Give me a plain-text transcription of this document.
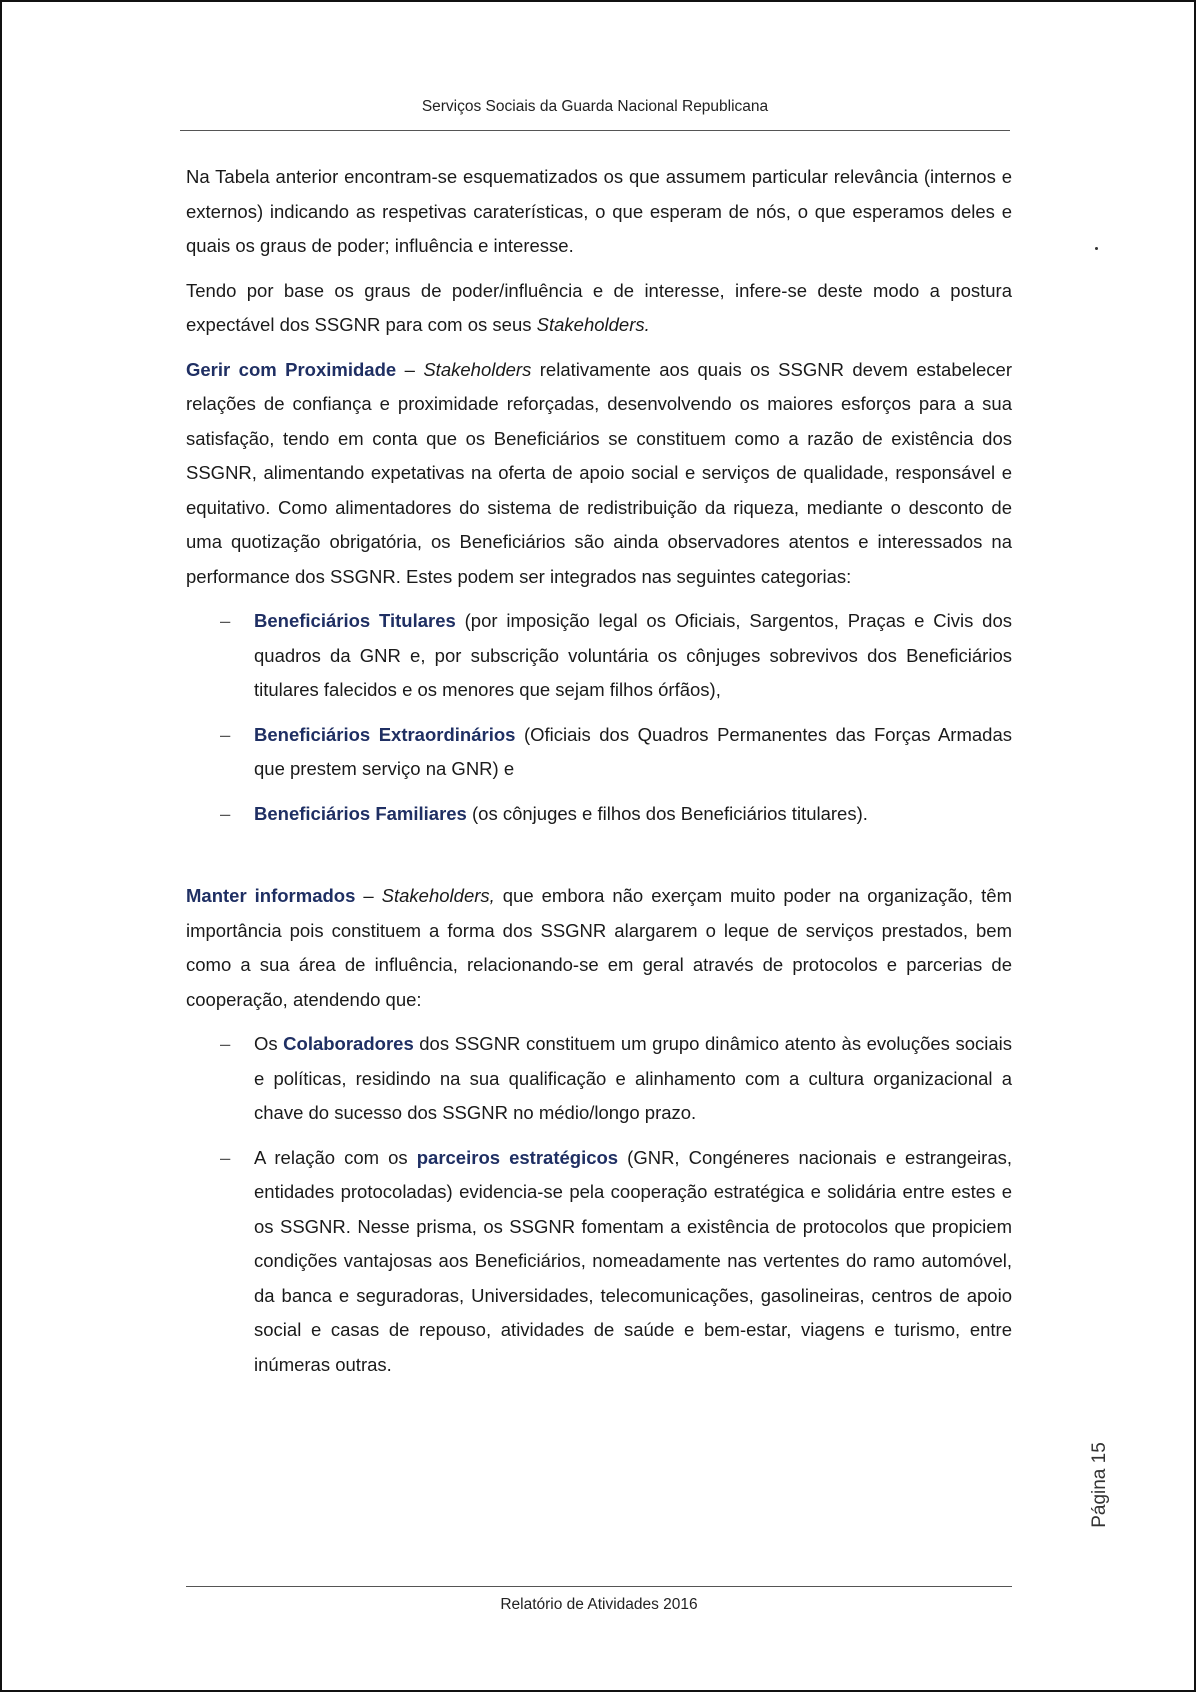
Serviços Sociais da Guarda Nacional Republicana

Na Tabela anterior encontram-se esquematizados os que assumem particular relevância (internos e externos) indicando as respetivas caraterísticas, o que esperam de nós, o que esperamos deles e quais os graus de poder; influência e interesse.

Tendo por base os graus de poder/influência e de interesse, infere-se deste modo a postura expectável dos SSGNR para com os seus Stakeholders.

Gerir com Proximidade – Stakeholders relativamente aos quais os SSGNR devem estabelecer relações de confiança e proximidade reforçadas, desenvolvendo os maiores esforços para a sua satisfação, tendo em conta que os Beneficiários se constituem como a razão de existência dos SSGNR, alimentando expetativas na oferta de apoio social e serviços de qualidade, responsável e equitativo. Como alimentadores do sistema de redistribuição da riqueza, mediante o desconto de uma quotização obrigatória, os Beneficiários são ainda observadores atentos e interessados na performance dos SSGNR. Estes podem ser integrados nas seguintes categorias:

– Beneficiários Titulares (por imposição legal os Oficiais, Sargentos, Praças e Civis dos quadros da GNR e, por subscrição voluntária os cônjuges sobrevivos dos Beneficiários titulares falecidos e os menores que sejam filhos órfãos),
– Beneficiários Extraordinários (Oficiais dos Quadros Permanentes das Forças Armadas que prestem serviço na GNR) e
– Beneficiários Familiares (os cônjuges e filhos dos Beneficiários titulares).

Manter informados – Stakeholders, que embora não exerçam muito poder na organização, têm importância pois constituem a forma dos SSGNR alargarem o leque de serviços prestados, bem como a sua área de influência, relacionando-se em geral através de protocolos e parcerias de cooperação, atendendo que:

– Os Colaboradores dos SSGNR constituem um grupo dinâmico atento às evoluções sociais e políticas, residindo na sua qualificação e alinhamento com a cultura organizacional a chave do sucesso dos SSGNR no médio/longo prazo.
– A relação com os parceiros estratégicos (GNR, Congéneres nacionais e estrangeiras, entidades protocoladas) evidencia-se pela cooperação estratégica e solidária entre estes e os SSGNR. Nesse prisma, os SSGNR fomentam a existência de protocolos que propiciem condições vantajosas aos Beneficiários, nomeadamente nas vertentes do ramo automóvel, da banca e seguradoras, Universidades, telecomunicações, gasolineiras, centros de apoio social e casas de repouso, atividades de saúde e bem-estar, viagens e turismo, entre inúmeras outras.
Página 15
Relatório de Atividades 2016
